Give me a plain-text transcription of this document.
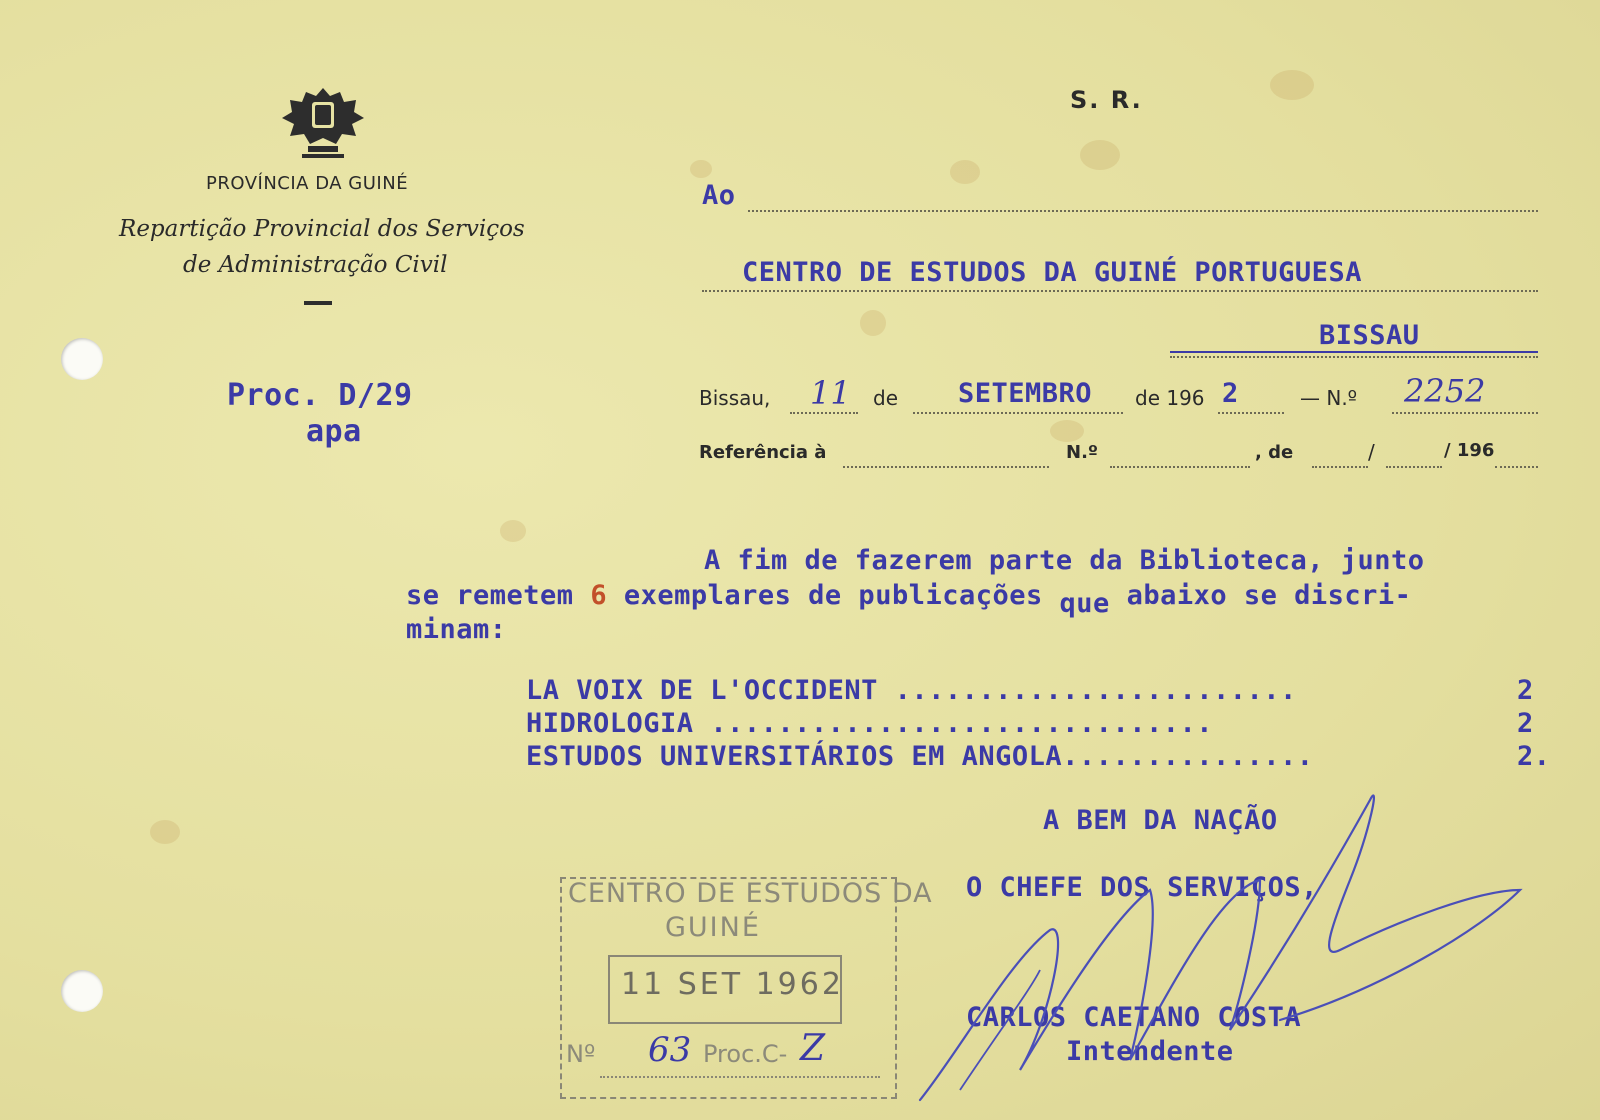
PROVÍNCIA DA GUINÉ
Repartição Provincial dos Serviços
de Administração Civil
S. R.
Proc. D/29
apa
Ao
CENTRO DE ESTUDOS DA GUINÉ PORTUGUESA
BISSAU
Bissau, 11 de SETEMBRO de 196 2	— N.º 2252
Referência à	N.º	, de	/	/ 196
A fim de fazerem parte da Biblioteca, junto
se remetem 6 exemplares de publicações que abaixo se discri-
minam:
LA VOIX DE L'OCCIDENT ........................	2
HIDROLOGIA ..............................	2
ESTUDOS UNIVERSITÁRIOS EM ANGOLA...............	2.
A BEM DA NAÇÃO
O CHEFE DOS SERVIÇOS,
CARLOS CAETANO COSTA
Intendente
CENTRO DE ESTUDOS DA
GUINÉ
11 SET 1962
Nº 63 Proc.C- Z
